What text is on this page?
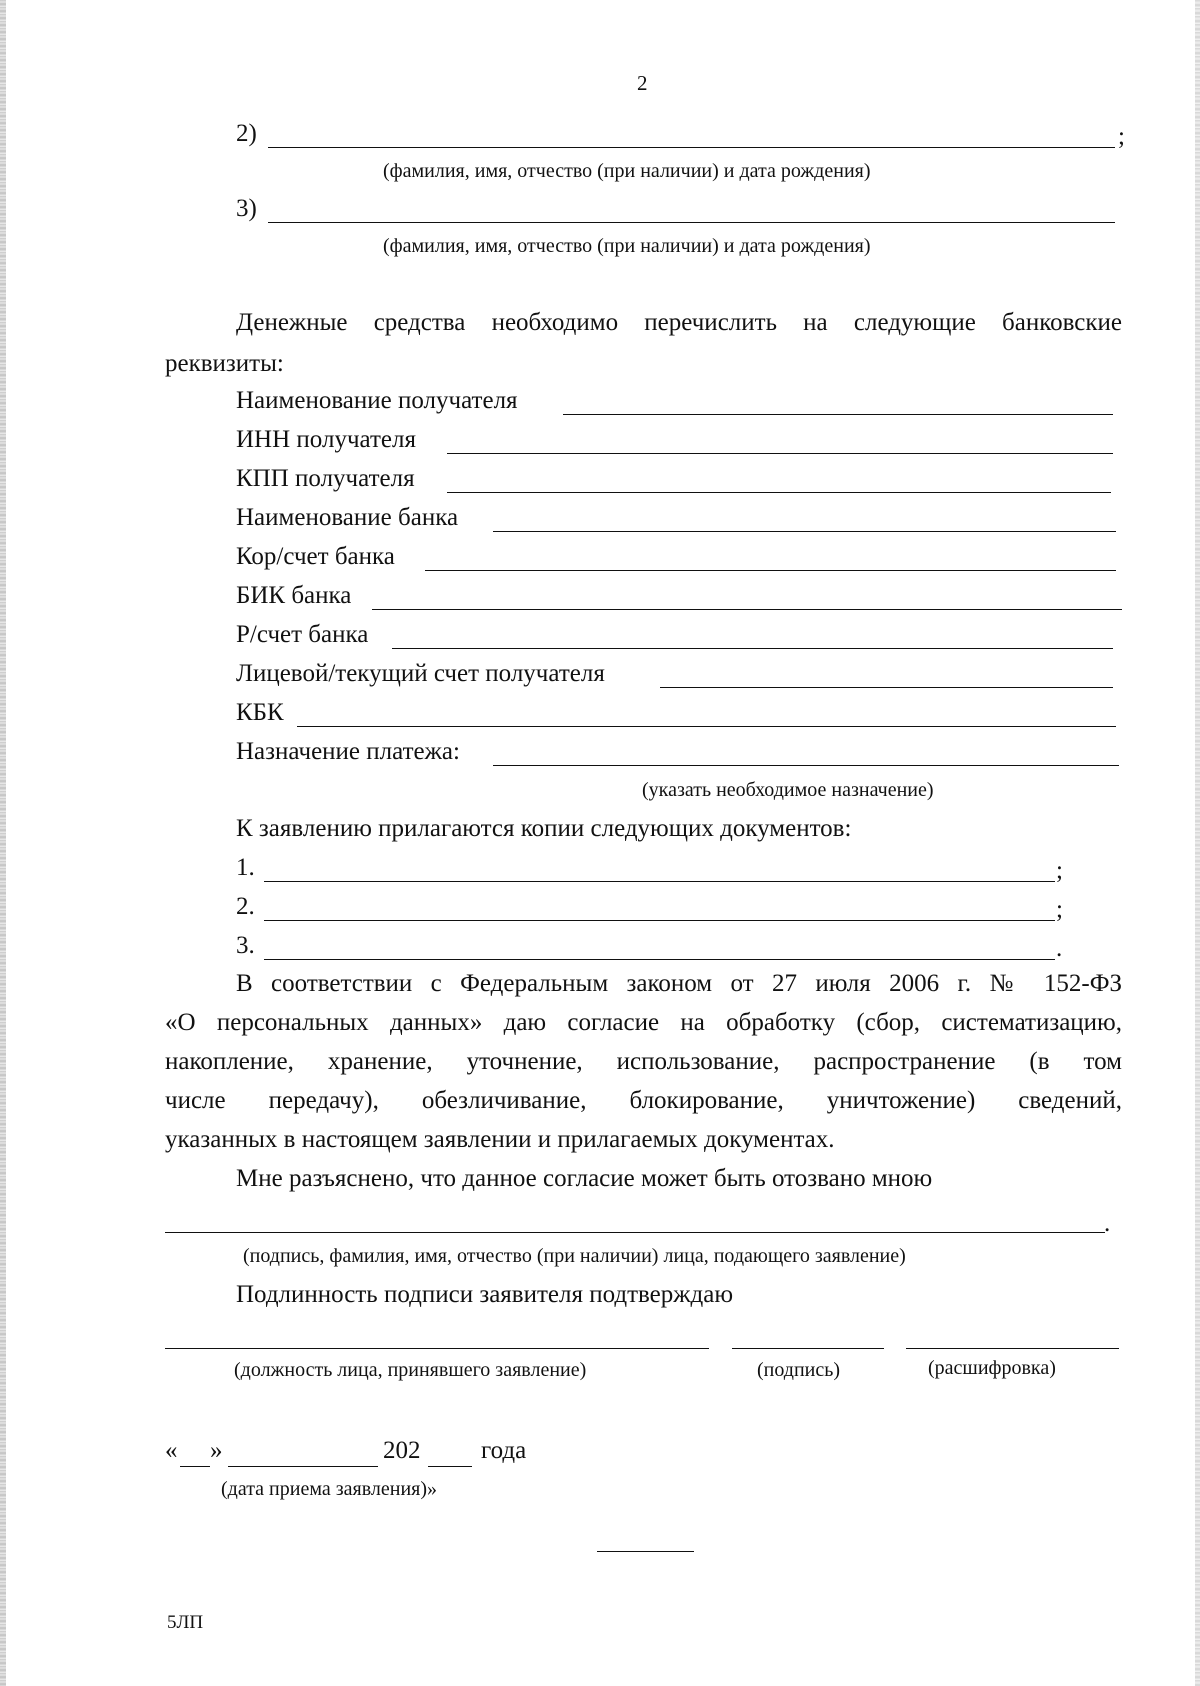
2
2)	;
(фамилия, имя, отчество (при наличии) и дата рождения)
3)
(фамилия, имя, отчество (при наличии) и дата рождения)
Денежные средства необходимо перечислить на следующие банковские
реквизиты:
Наименование получателя
ИНН получателя
КПП получателя
Наименование банка
Кор/счет банка
БИК банка
Р/счет банка
Лицевой/текущий счет получателя
КБК
Назначение платежа:
(указать необходимое назначение)
К заявлению прилагаются копии следующих документов:
1.	;
2.	;
3.	.
В соответствии с Федеральным законом от 27 июля 2006 г. № 152-ФЗ
«О персональных данных» даю согласие на обработку (сбор, систематизацию,
накопление, хранение, уточнение, использование, распространение (в том
числе передачу), обезличивание, блокирование, уничтожение) сведений,
указанных в настоящем заявлении и прилагаемых документах.
Мне разъяснено, что данное согласие может быть отозвано мною
.
(подпись, фамилия, имя, отчество (при наличии) лица, подающего заявление)
Подлинность подписи заявителя подтверждаю
(должность лица, принявшего заявление)	(подпись)	(расшифровка)
« »	202 года
(дата приема заявления)»
5ЛП
